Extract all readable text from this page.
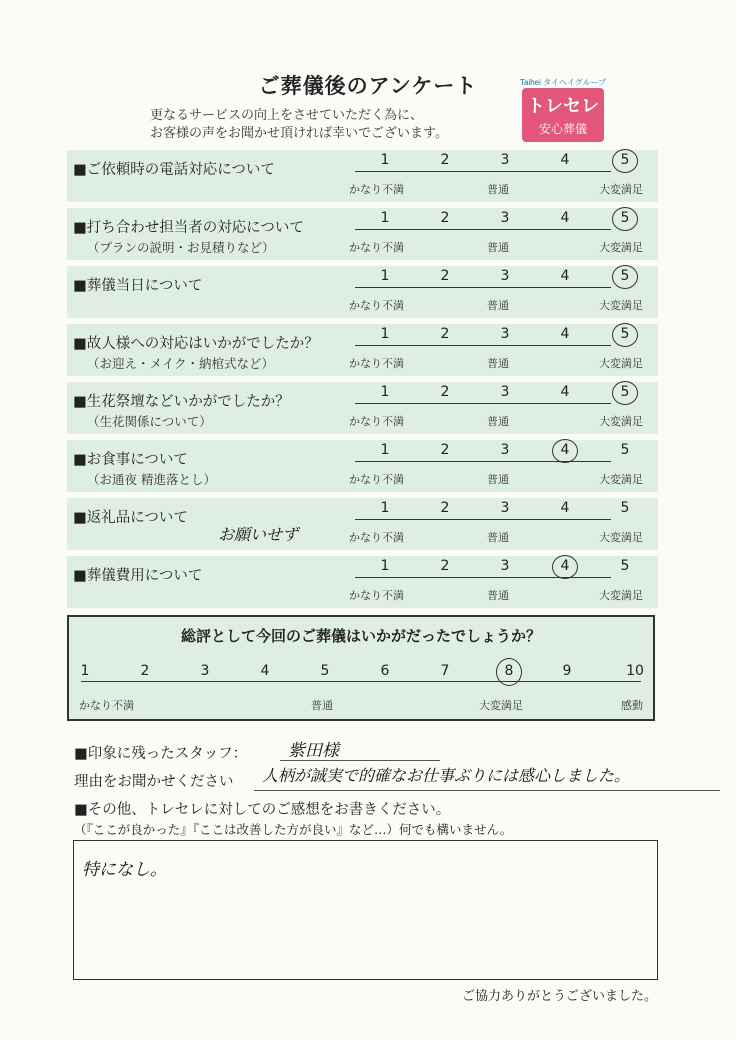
ご葬儀後のアンケート
更なるサービスの向上をさせていただく為に、
お客様の声をお聞かせ頂ければ幸いでございます。
Taihei タイヘイグループ
トレセレ
安心葬儀
■ご依頼時の電話対応について
1	2	3	4	5
かなり不満	普通	大変満足
■打ち合わせ担当者の対応について
（プランの説明・お見積りなど）
1	2	3	4	5
かなり不満	普通	大変満足
■葬儀当日について
1	2	3	4	5
かなり不満	普通	大変満足
■故人様への対応はいかがでしたか？
（お迎え・メイク・納棺式など）
1	2	3	4	5
かなり不満	普通	大変満足
■生花祭壇などいかがでしたか？
（生花関係について）
1	2	3	4	5
かなり不満	普通	大変満足
■お食事について
（お通夜 精進落とし）
1	2	3	4	5
かなり不満	普通	大変満足
■返礼品について
1	2	3	4	5
かなり不満	普通	大変満足
■葬儀費用について
1	2	3	4	5
かなり不満	普通	大変満足
お願いせず
総評として今回のご葬儀はいかがだったでしょうか？
1	2	3	4	5	6	7	8	9	10
かなり不満	普通	大変満足	感動
■印象に残ったスタッフ： 紫田様
理由をお聞かせください 人柄が誠実で的確なお仕事ぶりには感心しました。
■その他、トレセレに対してのご感想をお書きください。
（『ここが良かった』『ここは改善した方が良い』など…）何でも構いません。
特になし。
ご協力ありがとうございました。
